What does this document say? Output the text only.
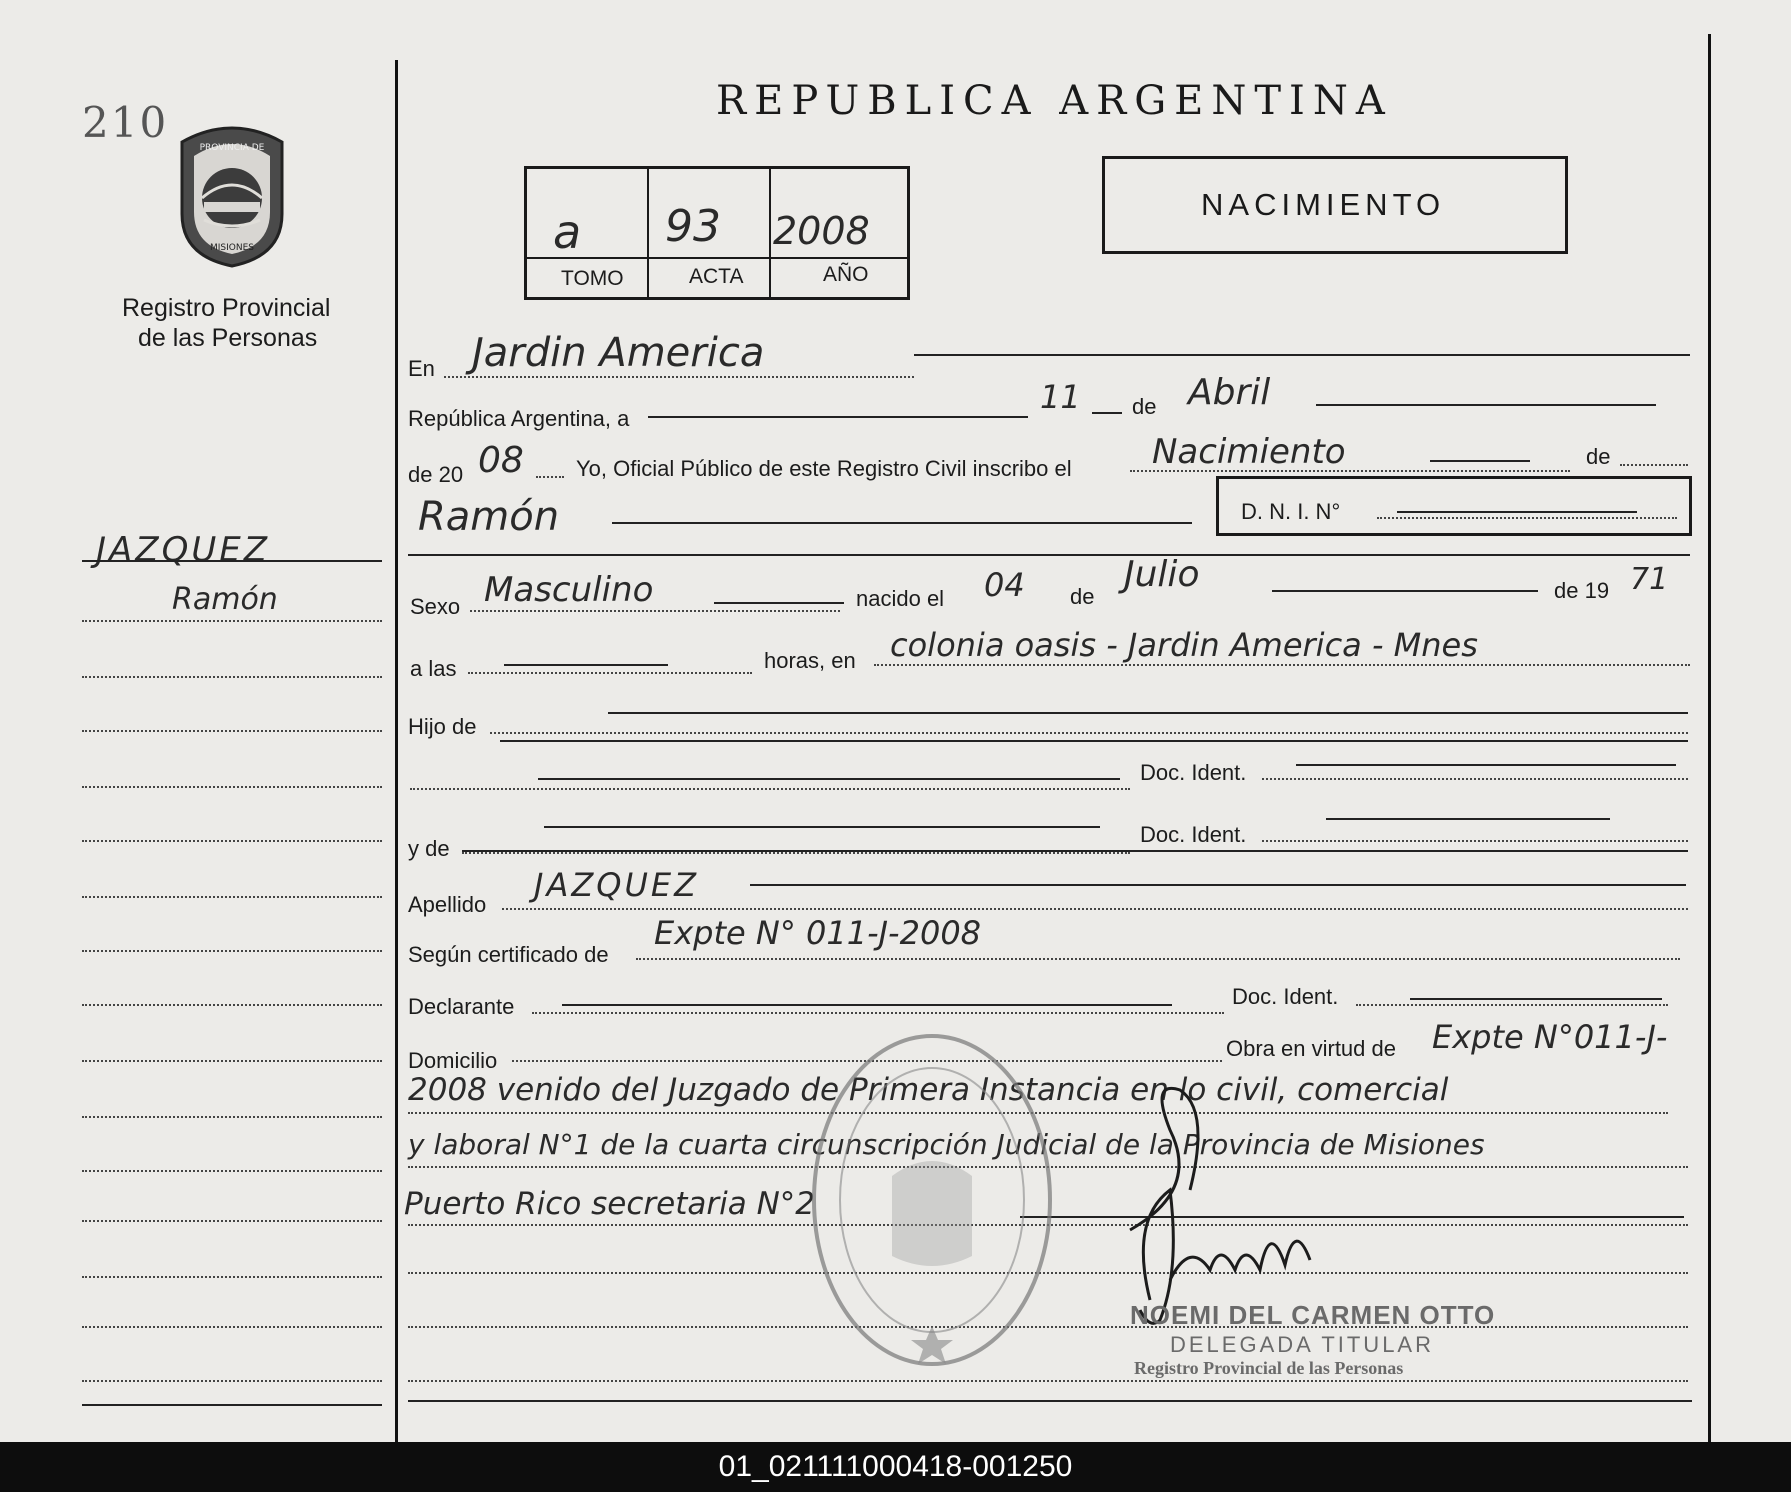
210
PROVINCIA DE
MISIONES
Registro Provincial
de las Personas
JAZQUEZ
Ramón
REPUBLICA ARGENTINA
a 93 2008
TOMO	ACTA	AÑO
NACIMIENTO
En Jardin America
República Argentina, a
11 de Abril
de 20 08 Yo, Oficial Público de este Registro Civil inscribo el Nacimiento	de
Ramón	D. N. I. N°
Sexo Masculino	nacido el 04 de
Julio	de 19 71
a las	horas, en colonia oasis - Jardin America - Mnes
Hijo de
Doc. Ident.
y de
Doc. Ident.
Apellido
JAZQUEZ
Según certificado de
Expte N° 011-J-2008
Declarante	Doc. Ident.
Domicilio	Obra en virtud de Expte N°011-J-
2008 venido del Juzgado de Primera Instancia en lo civil, comercial
y laboral N°1 de la cuarta circunscripción Judicial de la Provincia de Misiones
Puerto Rico secretaria N°2
NOEMI DEL CARMEN OTTO
DELEGADA TITULAR
Registro Provincial de las Personas
01_021111000418-001250
